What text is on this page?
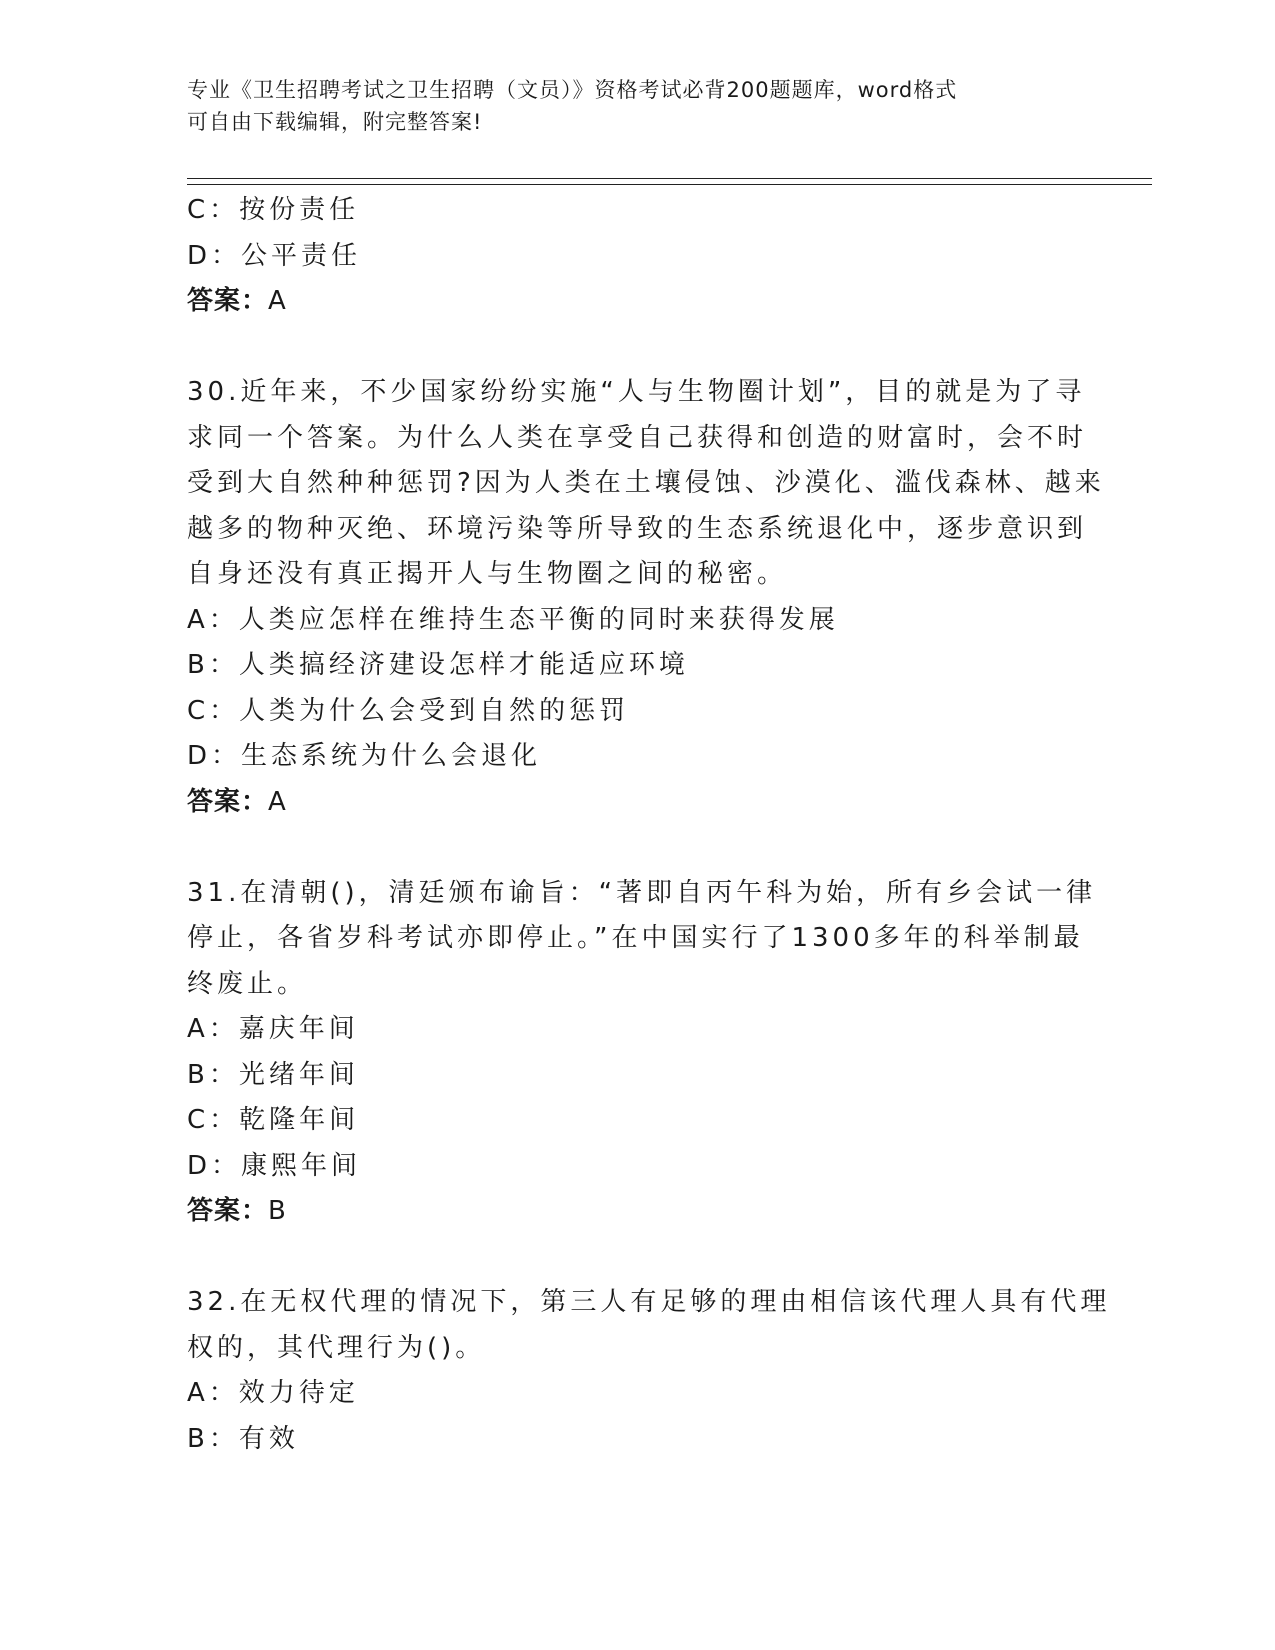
专业《卫生招聘考试之卫生招聘（文员）》资格考试必背200题题库，word格式
可自由下载编辑，附完整答案!
C：按份责任
D：公平责任
答案：A
30.近年来，不少国家纷纷实施“人与生物圈计划”，目的就是为了寻
求同一个答案。为什么人类在享受自己获得和创造的财富时，会不时
受到大自然种种惩罚?因为人类在土壤侵蚀、沙漠化、滥伐森林、越来
越多的物种灭绝、环境污染等所导致的生态系统退化中，逐步意识到
自身还没有真正揭开人与生物圈之间的秘密。
A：人类应怎样在维持生态平衡的同时来获得发展
B：人类搞经济建设怎样才能适应环境
C：人类为什么会受到自然的惩罚
D：生态系统为什么会退化
答案：A
31.在清朝()，清廷颁布谕旨：“著即自丙午科为始，所有乡会试一律
停止，各省岁科考试亦即停止。”在中国实行了1300多年的科举制最
终废止。
A：嘉庆年间
B：光绪年间
C：乾隆年间
D：康熙年间
答案：B
32.在无权代理的情况下，第三人有足够的理由相信该代理人具有代理
权的，其代理行为()。
A：效力待定
B：有效
